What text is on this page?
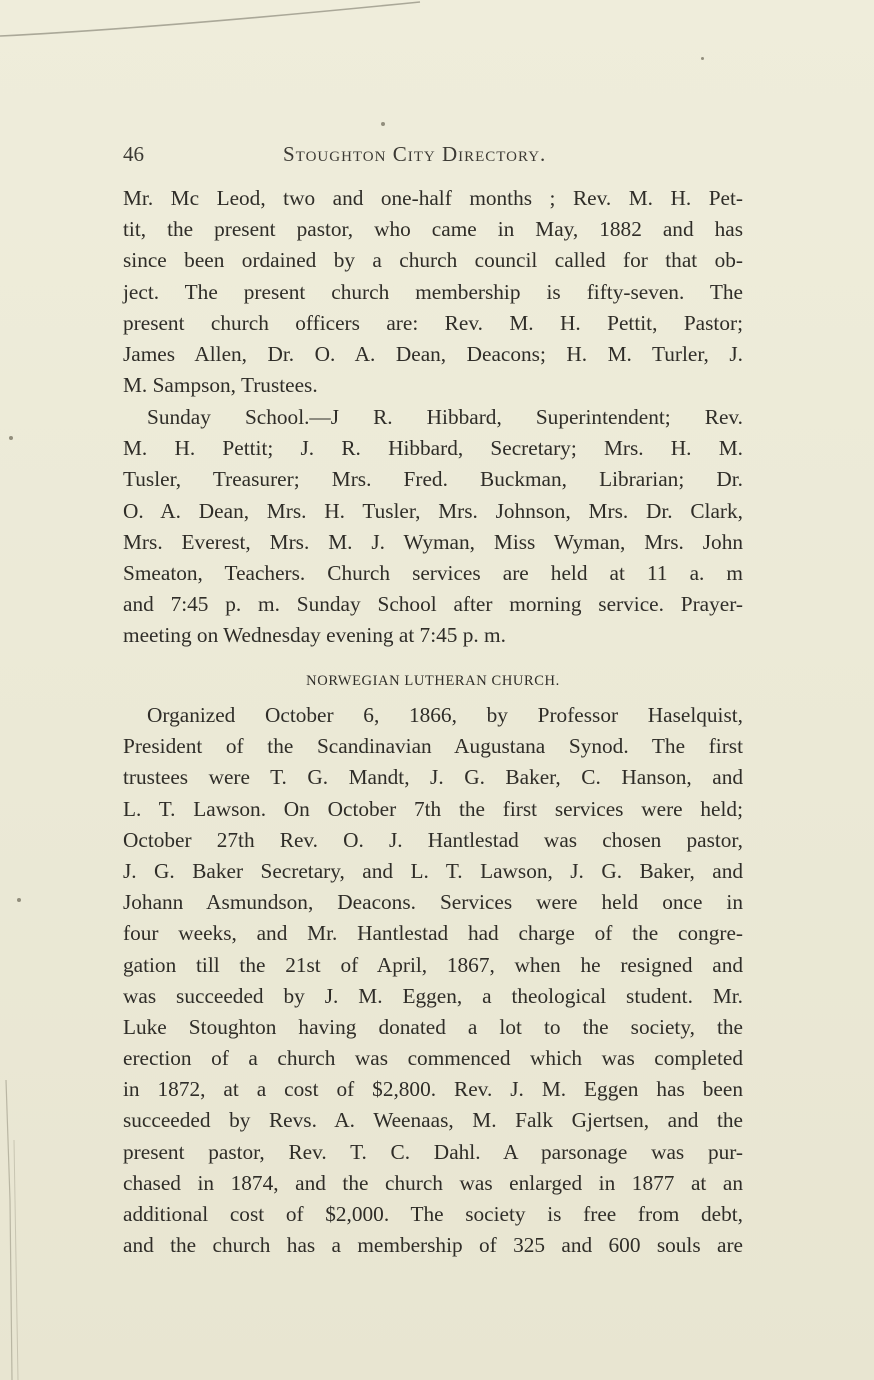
46	Stoughton City Directory.
Mr. Mc Leod, two and one-half months ; Rev. M. H. Pet-
tit, the present pastor, who came in May, 1882 and has
since been ordained by a church council called for that ob-
ject. The present church membership is fifty-seven. The
present church officers are: Rev. M. H. Pettit, Pastor;
James Allen, Dr. O. A. Dean, Deacons; H. M. Turler, J.
M. Sampson, Trustees.
Sunday School.—J R. Hibbard, Superintendent; Rev.
M. H. Pettit; J. R. Hibbard, Secretary; Mrs. H. M.
Tusler, Treasurer; Mrs. Fred. Buckman, Librarian; Dr.
O. A. Dean, Mrs. H. Tusler, Mrs. Johnson, Mrs. Dr. Clark,
Mrs. Everest, Mrs. M. J. Wyman, Miss Wyman, Mrs. John
Smeaton, Teachers. Church services are held at 11 a. m
and 7:45 p. m. Sunday School after morning service. Prayer-
meeting on Wednesday evening at 7:45 p. m.
NORWEGIAN LUTHERAN CHURCH.
Organized October 6, 1866, by Professor Haselquist,
President of the Scandinavian Augustana Synod. The first
trustees were T. G. Mandt, J. G. Baker, C. Hanson, and
L. T. Lawson. On October 7th the first services were held;
October 27th Rev. O. J. Hantlestad was chosen pastor,
J. G. Baker Secretary, and L. T. Lawson, J. G. Baker, and
Johann Asmundson, Deacons. Services were held once in
four weeks, and Mr. Hantlestad had charge of the congre-
gation till the 21st of April, 1867, when he resigned and
was succeeded by J. M. Eggen, a theological student. Mr.
Luke Stoughton having donated a lot to the society, the
erection of a church was commenced which was completed
in 1872, at a cost of $2,800. Rev. J. M. Eggen has been
succeeded by Revs. A. Weenaas, M. Falk Gjertsen, and the
present pastor, Rev. T. C. Dahl. A parsonage was pur-
chased in 1874, and the church was enlarged in 1877 at an
additional cost of $2,000. The society is free from debt,
and the church has a membership of 325 and 600 souls are
